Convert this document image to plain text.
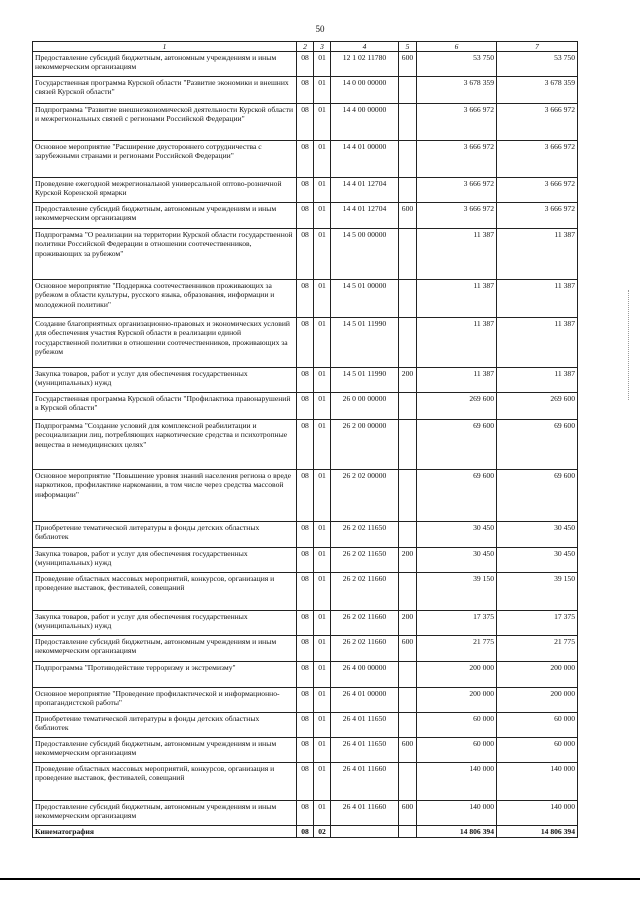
50
1	2	3	4	5	6	7
Предоставление субсидий бюджетным, автономным учреждениям и иным некоммерческим организациям	08	01	12 1 02 11780	600	53 750	53 750
Государственная программа Курской области "Развитие экономики и внешних связей Курской области"	08	01	14 0 00 00000		3 678 359	3 678 359
Подпрограмма "Развитие внешнеэкономической деятельности Курской области и межрегиональных связей с регионами Российской Федерации"	08	01	14 4 00 00000		3 666 972	3 666 972
Основное мероприятие "Расширение двустороннего сотрудничества с зарубежными странами и регионами Российской Федерации"	08	01	14 4 01 00000		3 666 972	3 666 972
Проведение ежегодной межрегиональной универсальной оптово-розничной Курской Коренской ярмарки	08	01	14 4 01 12704		3 666 972	3 666 972
Предоставление субсидий бюджетным, автономным учреждениям и иным некоммерческим организациям	08	01	14 4 01 12704	600	3 666 972	3 666 972
Подпрограмма "О реализации на территории Курской области государственной политики Российской Федерации в отношении соотечественников, проживающих за рубежом"	08	01	14 5 00 00000		11 387	11 387
Основное мероприятие "Поддержка соотечественников проживающих за рубежом в области культуры, русского языка, образования, информации и молодежной политики"	08	01	14 5 01 00000		11 387	11 387
Создание благоприятных организационно-правовых и экономических условий для обеспечения участия Курской области в реализации единой государственной политики в отношении соотечественников, проживающих за рубежом	08	01	14 5 01 11990		11 387	11 387
Закупка товаров, работ и услуг для обеспечения государственных (муниципальных) нужд	08	01	14 5 01 11990	200	11 387	11 387
Государственная программа Курской области "Профилактика правонарушений в Курской области"	08	01	26 0 00 00000		269 600	269 600
Подпрограмма "Создание условий для комплексной реабилитации и ресоциализации лиц, потребляющих наркотические средства и психотропные вещества в немедицинских целях"	08	01	26 2 00 00000		69 600	69 600
Основное мероприятие "Повышение уровня знаний населения региона о вреде наркотиков, профилактике наркомании, в том числе через средства массовой информации"	08	01	26 2 02 00000		69 600	69 600
Приобретение тематической литературы в фонды детских областных библиотек	08	01	26 2 02 11650		30 450	30 450
Закупка товаров, работ и услуг для обеспечения государственных (муниципальных) нужд	08	01	26 2 02 11650	200	30 450	30 450
Проведение областных массовых мероприятий, конкурсов, организация и проведение выставок, фестивалей, совещаний	08	01	26 2 02 11660		39 150	39 150
Закупка товаров, работ и услуг для обеспечения государственных (муниципальных) нужд	08	01	26 2 02 11660	200	17 375	17 375
Предоставление субсидий бюджетным, автономным учреждениям и иным некоммерческим организациям	08	01	26 2 02 11660	600	21 775	21 775
Подпрограмма "Противодействие терроризму и экстремизму"	08	01	26 4 00 00000		200 000	200 000
Основное мероприятие "Проведение профилактической и информационно-пропагандистской работы"	08	01	26 4 01 00000		200 000	200 000
Приобретение тематической литературы в фонды детских областных библиотек	08	01	26 4 01 11650		60 000	60 000
Предоставление субсидий бюджетным, автономным учреждениям и иным некоммерческим организациям	08	01	26 4 01 11650	600	60 000	60 000
Проведение областных массовых мероприятий, конкурсов, организация и проведение выставок, фестивалей, совещаний	08	01	26 4 01 11660		140 000	140 000
Предоставление субсидий бюджетным, автономным учреждениям и иным некоммерческим организациям	08	01	26 4 01 11660	600	140 000	140 000
Кинематография	08	02			14 806 394	14 806 394
